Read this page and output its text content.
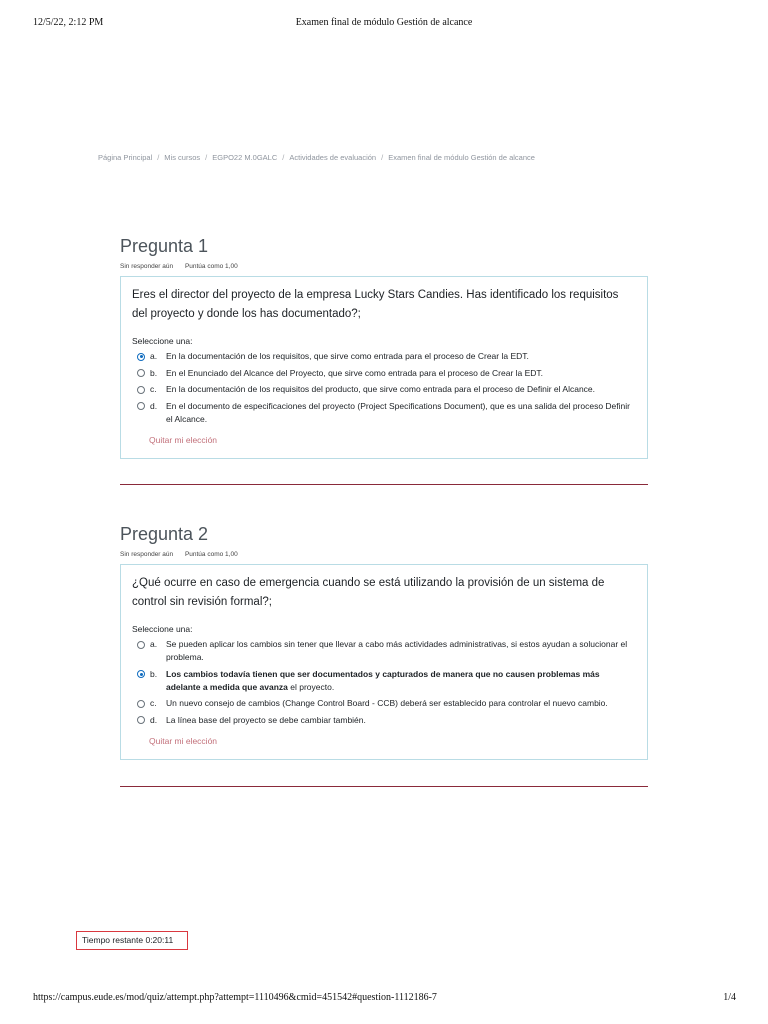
12/5/22, 2:12 PM	Examen final de módulo Gestión de alcance
Página Principal / Mis cursos / EGPO22 M.0GALC / Actividades de evaluación / Examen final de módulo Gestión de alcance
Pregunta 1
Sin responder aún Puntúa como 1,00
Eres el director del proyecto de la empresa Lucky Stars Candies. Has identificado los requisitos del proyecto y donde los has documentado?;
Seleccione una:
a.	En la documentación de los requisitos, que sirve como entrada para el proceso de Crear la EDT.
b.	En el Enunciado del Alcance del Proyecto, que sirve como entrada para el proceso de Crear la EDT.
c.	En la documentación de los requisitos del producto, que sirve como entrada para el proceso de Definir el Alcance.
d.	En el documento de especificaciones del proyecto (Project Specifications Document), que es una salida del proceso Definir el Alcance.
Quitar mi elección
Pregunta 2
Sin responder aún Puntúa como 1,00
¿Qué ocurre en caso de emergencia cuando se está utilizando la provisión de un sistema de control sin revisión formal?;
Seleccione una:
a.	Se pueden aplicar los cambios sin tener que llevar a cabo más actividades administrativas, si estos ayudan a solucionar el problema.
b.	Los cambios todavía tienen que ser documentados y capturados de manera que no causen problemas más adelante a medida que avanza el proyecto.
c.	Un nuevo consejo de cambios (Change Control Board - CCB) deberá ser establecido para controlar el nuevo cambio.
d.	La línea base del proyecto se debe cambiar también.
Quitar mi elección
Tiempo restante 0:20:11
https://campus.eude.es/mod/quiz/attempt.php?attempt=1110496&cmid=451542#question-1112186-7	1/4
